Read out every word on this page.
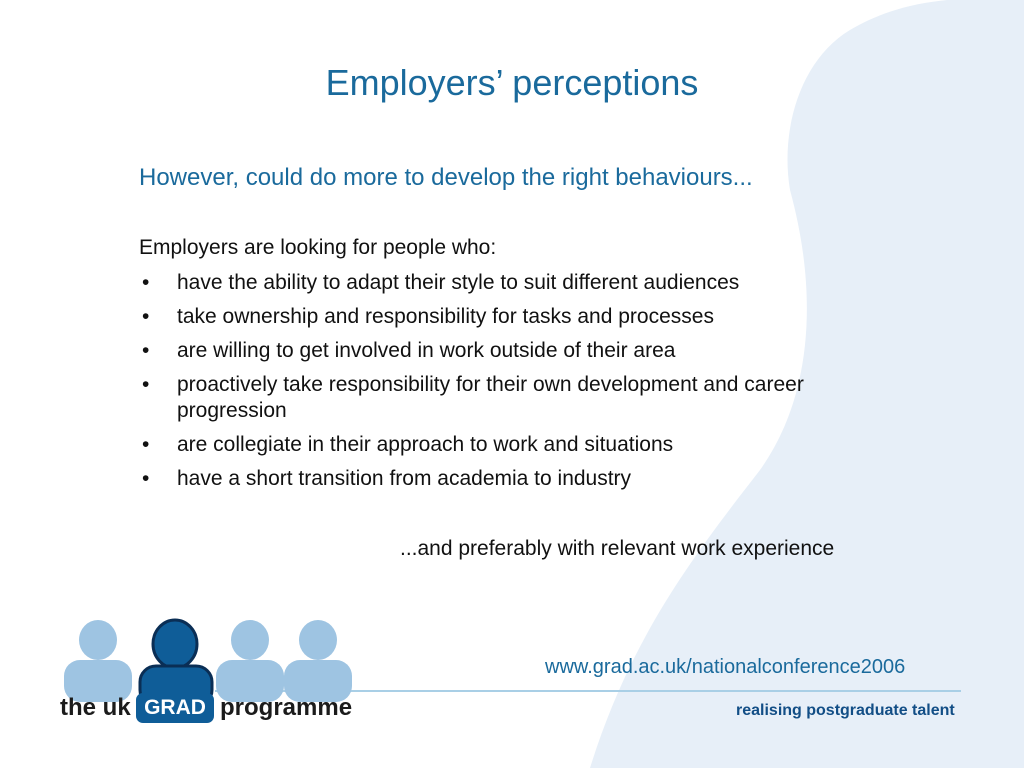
Employers’ perceptions
However, could do more to develop the right behaviours...
Employers are looking for people who:
• have the ability to adapt their style to suit different audiences
• take ownership and responsibility for tasks and processes
• are willing to get involved in work outside of their area
• proactively take responsibility for their own development and career progression
• are collegiate in their approach to work and situations
• have a short transition from academia to industry
...and preferably with relevant work experience
www.grad.ac.uk/nationalconference2006
realising postgraduate talent
the uk GRAD programme
